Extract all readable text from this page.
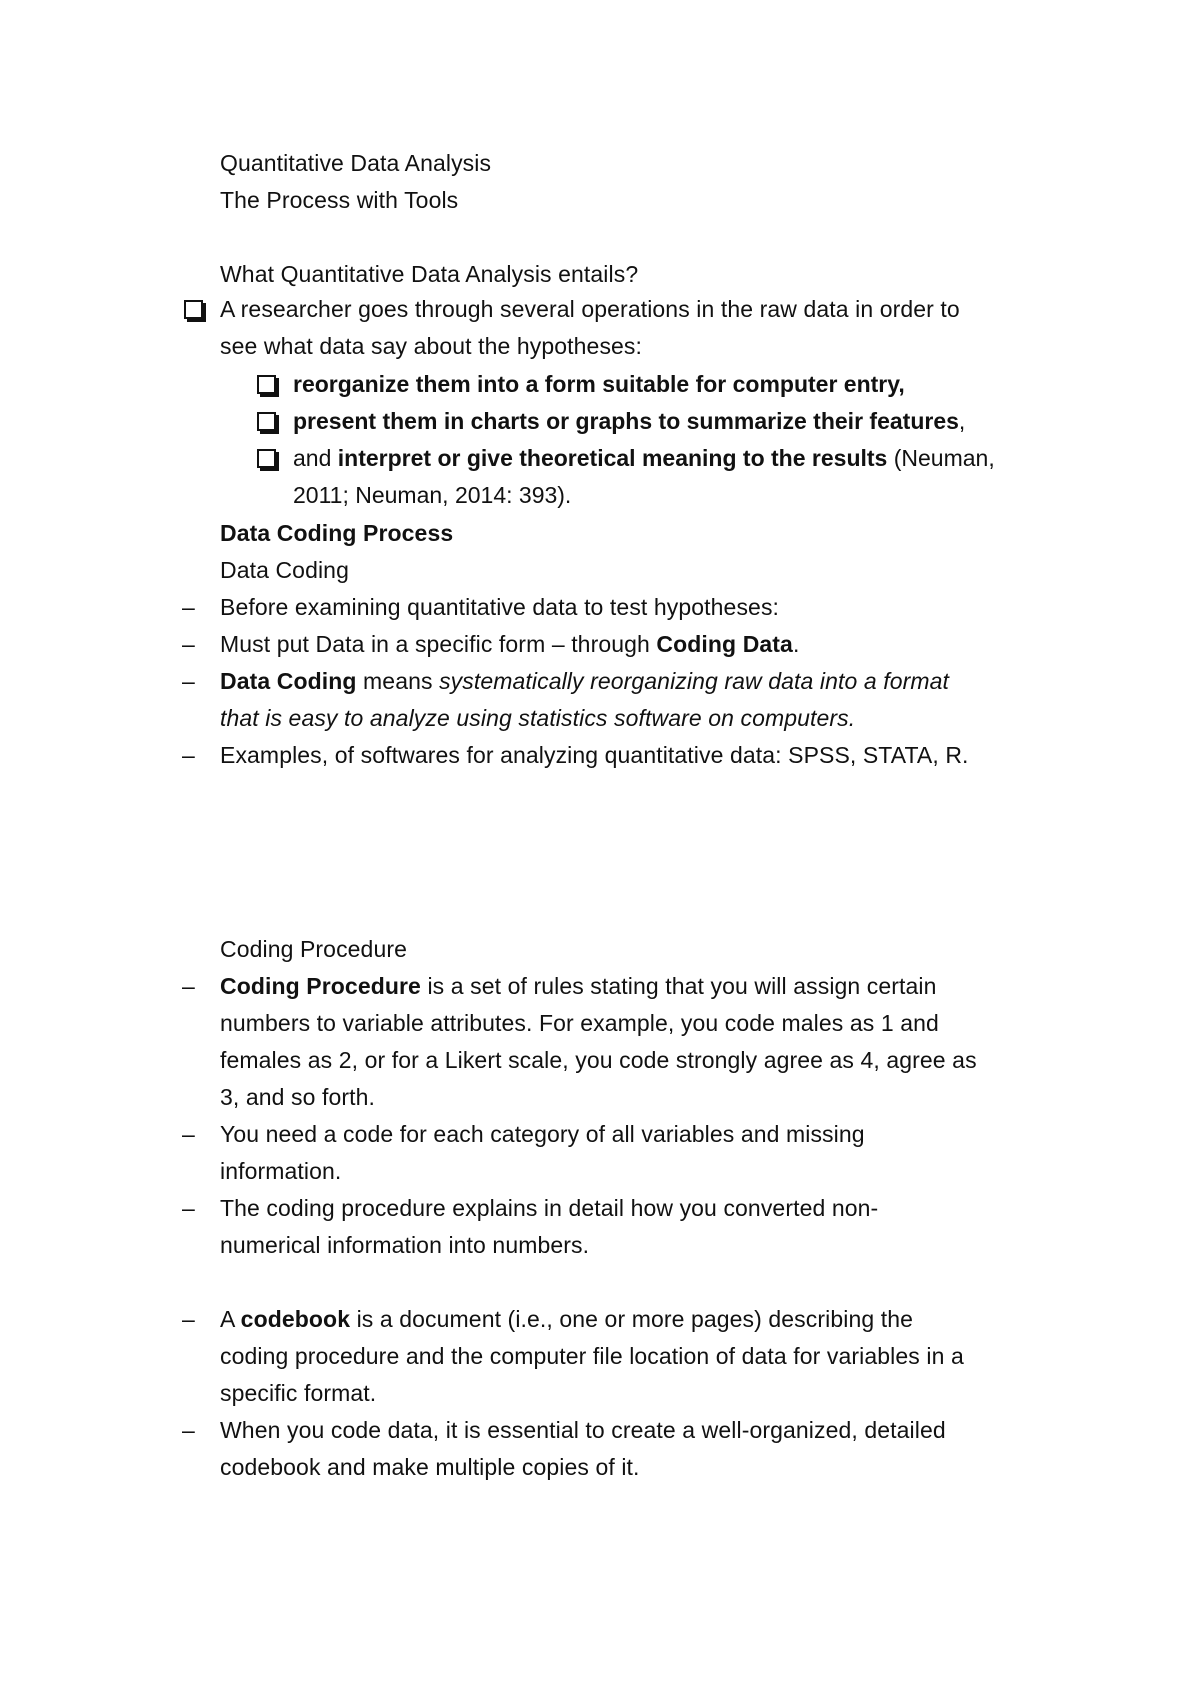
Quantitative Data Analysis
The Process with Tools
What Quantitative Data Analysis entails?
A researcher goes through several operations in the raw data in order to
see what data say about the hypotheses:
reorganize them into a form suitable for computer entry,
present them in charts or graphs to summarize their features,
and interpret or give theoretical meaning to the results (Neuman,
2011; Neuman, 2014: 393).
Data Coding Process
Data Coding
– Before examining quantitative data to test hypotheses:
– Must put Data in a specific form – through Coding Data.
– Data Coding means systematically reorganizing raw data into a format
that is easy to analyze using statistics software on computers.
– Examples, of softwares for analyzing quantitative data: SPSS, STATA, R.
Coding Procedure
– Coding Procedure is a set of rules stating that you will assign certain
numbers to variable attributes. For example, you code males as 1 and
females as 2, or for a Likert scale, you code strongly agree as 4, agree as
3, and so forth.
– You need a code for each category of all variables and missing
information.
– The coding procedure explains in detail how you converted non-
numerical information into numbers.
– A codebook is a document (i.e., one or more pages) describing the
coding procedure and the computer file location of data for variables in a
specific format.
– When you code data, it is essential to create a well-organized, detailed
codebook and make multiple copies of it.
